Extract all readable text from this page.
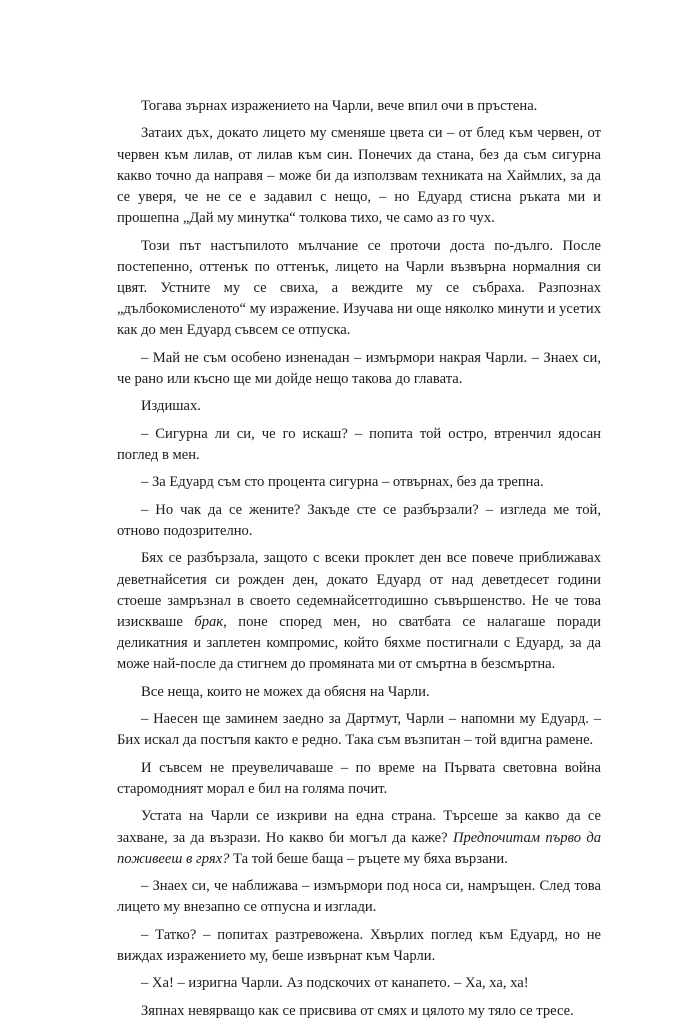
Тогава зърнах изражението на Чарли, вече впил очи в пръстена.

Затаих дъх, докато лицето му сменяше цвета си – от блед към червен, от червен към лилав, от лилав към син. Понечих да стана, без да съм сигурна какво точно да направя – може би да използвам техниката на Хаймлих, за да се уверя, че не се е задавил с нещо, – но Едуард стисна ръката ми и прошепна „Дай му минутка“ толкова тихо, че само аз го чух.

Този път настъпилото мълчание се проточи доста по-дълго. После постепенно, оттенък по оттенък, лицето на Чарли възвърна нормалния си цвят. Устните му се свиха, а веждите му се събраха. Разпознах „дълбокомисленото“ му изражение. Изучава ни още няколко минути и усетих как до мен Едуард съвсем се отпуска.

– Май не съм особено изненадан – измърмори накрая Чарли. – Знаех си, че рано или късно ще ми дойде нещо такова до главата.

Издишах.

– Сигурна ли си, че го искаш? – попита той остро, втренчил ядосан поглед в мен.

– За Едуард съм сто процента сигурна – отвърнах, без да трепна.

– Но чак да се жените? Закъде сте се разбързали? – изгледа ме той, отново подозрително.

Бях се разбързала, защото с всеки проклет ден все повече приближавах деветнайсетия си рожден ден, докато Едуард от над деветдесет години стоеше замръзнал в своето седемнайсетгодишно съвършенство. Не че това изискваше брак, поне според мен, но сватбата се налагаше поради деликатния и заплетен компромис, който бяхме постигнали с Едуард, за да може най-после да стигнем до промяната ми от смъртна в безсмъртна.

Все неща, които не можех да обясня на Чарли.

– Наесен ще заминем заедно за Дартмут, Чарли – напомни му Едуард. – Бих искал да постъпя както е редно. Така съм възпитан – той вдигна рамене.

И съвсем не преувеличаваше – по време на Първата световна война старомодният морал е бил на голяма почит.

Устата на Чарли се изкриви на една страна. Търсеше за какво да се захване, за да възрази. Но какво би могъл да каже? Предпочитам първо да поживееш в грях? Та той беше баща – ръцете му бяха вързани.

– Знаех си, че наближава – измърмори под носа си, намръщен. След това лицето му внезапно се отпусна и изглади.

– Татко? – попитах разтревожена. Хвърлих поглед към Едуард, но не виждах изражението му, беше извърнат към Чарли.

– Ха! – изригна Чарли. Аз подскочих от канапето. – Ха, ха, ха!

Зяпнах невярващо как се присвива от смях и цялото му тяло се тресе.
